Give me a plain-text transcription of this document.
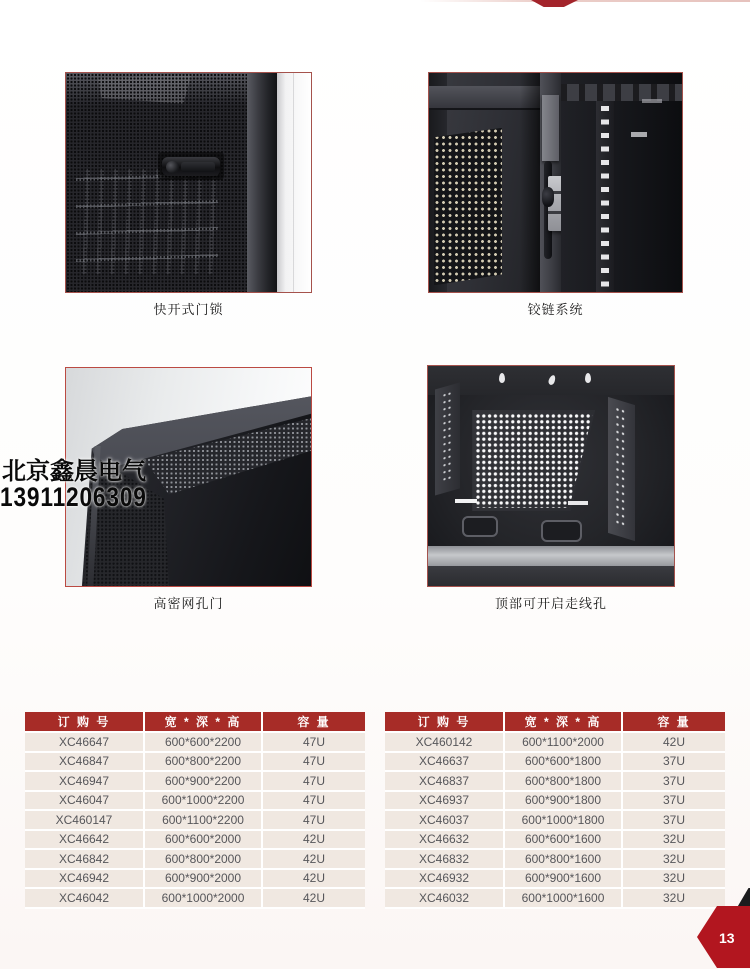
快开式门锁	铰链系统
高密网孔门	顶部可开启走线孔
北京鑫晨电气
13911206309
订 购 号	宽 * 深 * 高	容 量
XC46647	600*600*2200	47U
XC46847	600*800*2200	47U
XC46947	600*900*2200	47U
XC46047	600*1000*2200	47U
XC460147	600*1100*2200	47U
XC46642	600*600*2000	42U
XC46842	600*800*2000	42U
XC46942	600*900*2000	42U
XC46042	600*1000*2000	42U
订 购 号	宽 * 深 * 高	容 量
XC460142	600*1100*2000	42U
XC46637	600*600*1800	37U
XC46837	600*800*1800	37U
XC46937	600*900*1800	37U
XC46037	600*1000*1800	37U
XC46632	600*600*1600	32U
XC46832	600*800*1600	32U
XC46932	600*900*1600	32U
XC46032	600*1000*1600	32U
13
